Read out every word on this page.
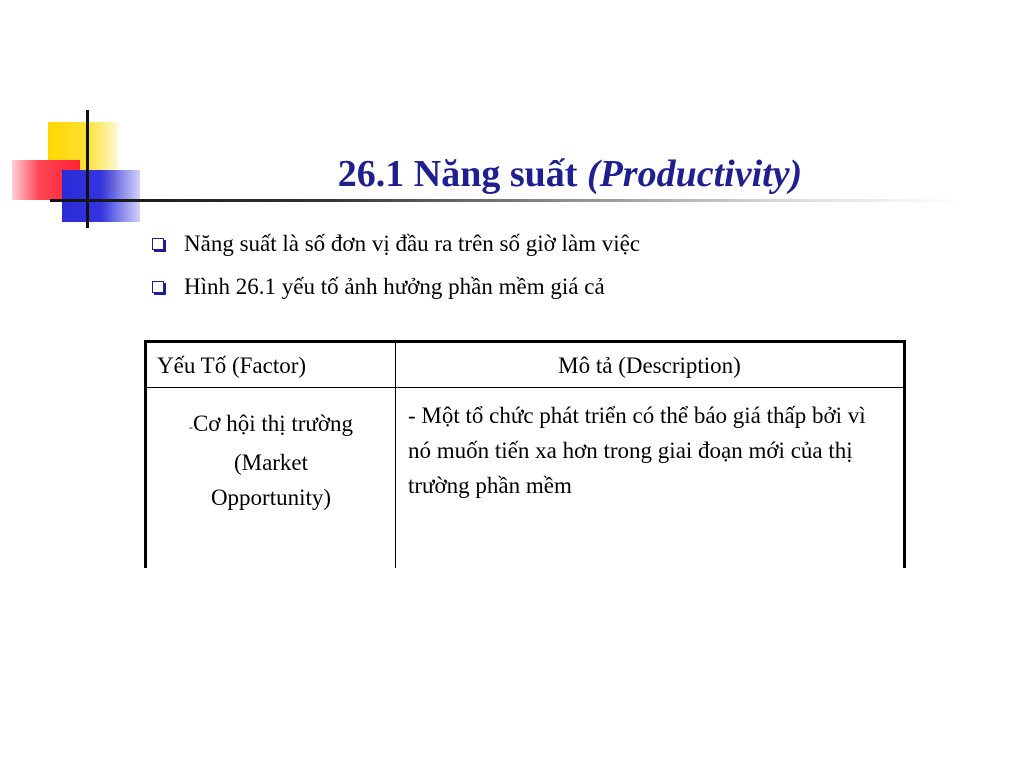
26.1 Năng suất (Productivity)
Năng suất là số đơn vị đầu ra trên số giờ làm việc
Hình 26.1 yếu tố ảnh hưởng phần mềm giá cả
Yếu Tố (Factor)	Mô tả (Description)
-Cơ hội thị trường
(Market
Opportunity)	- Một tổ chức phát triển có thể báo giá thấp bởi vì nó muốn tiến xa hơn trong giai đoạn mới của thị trường phần mềm
